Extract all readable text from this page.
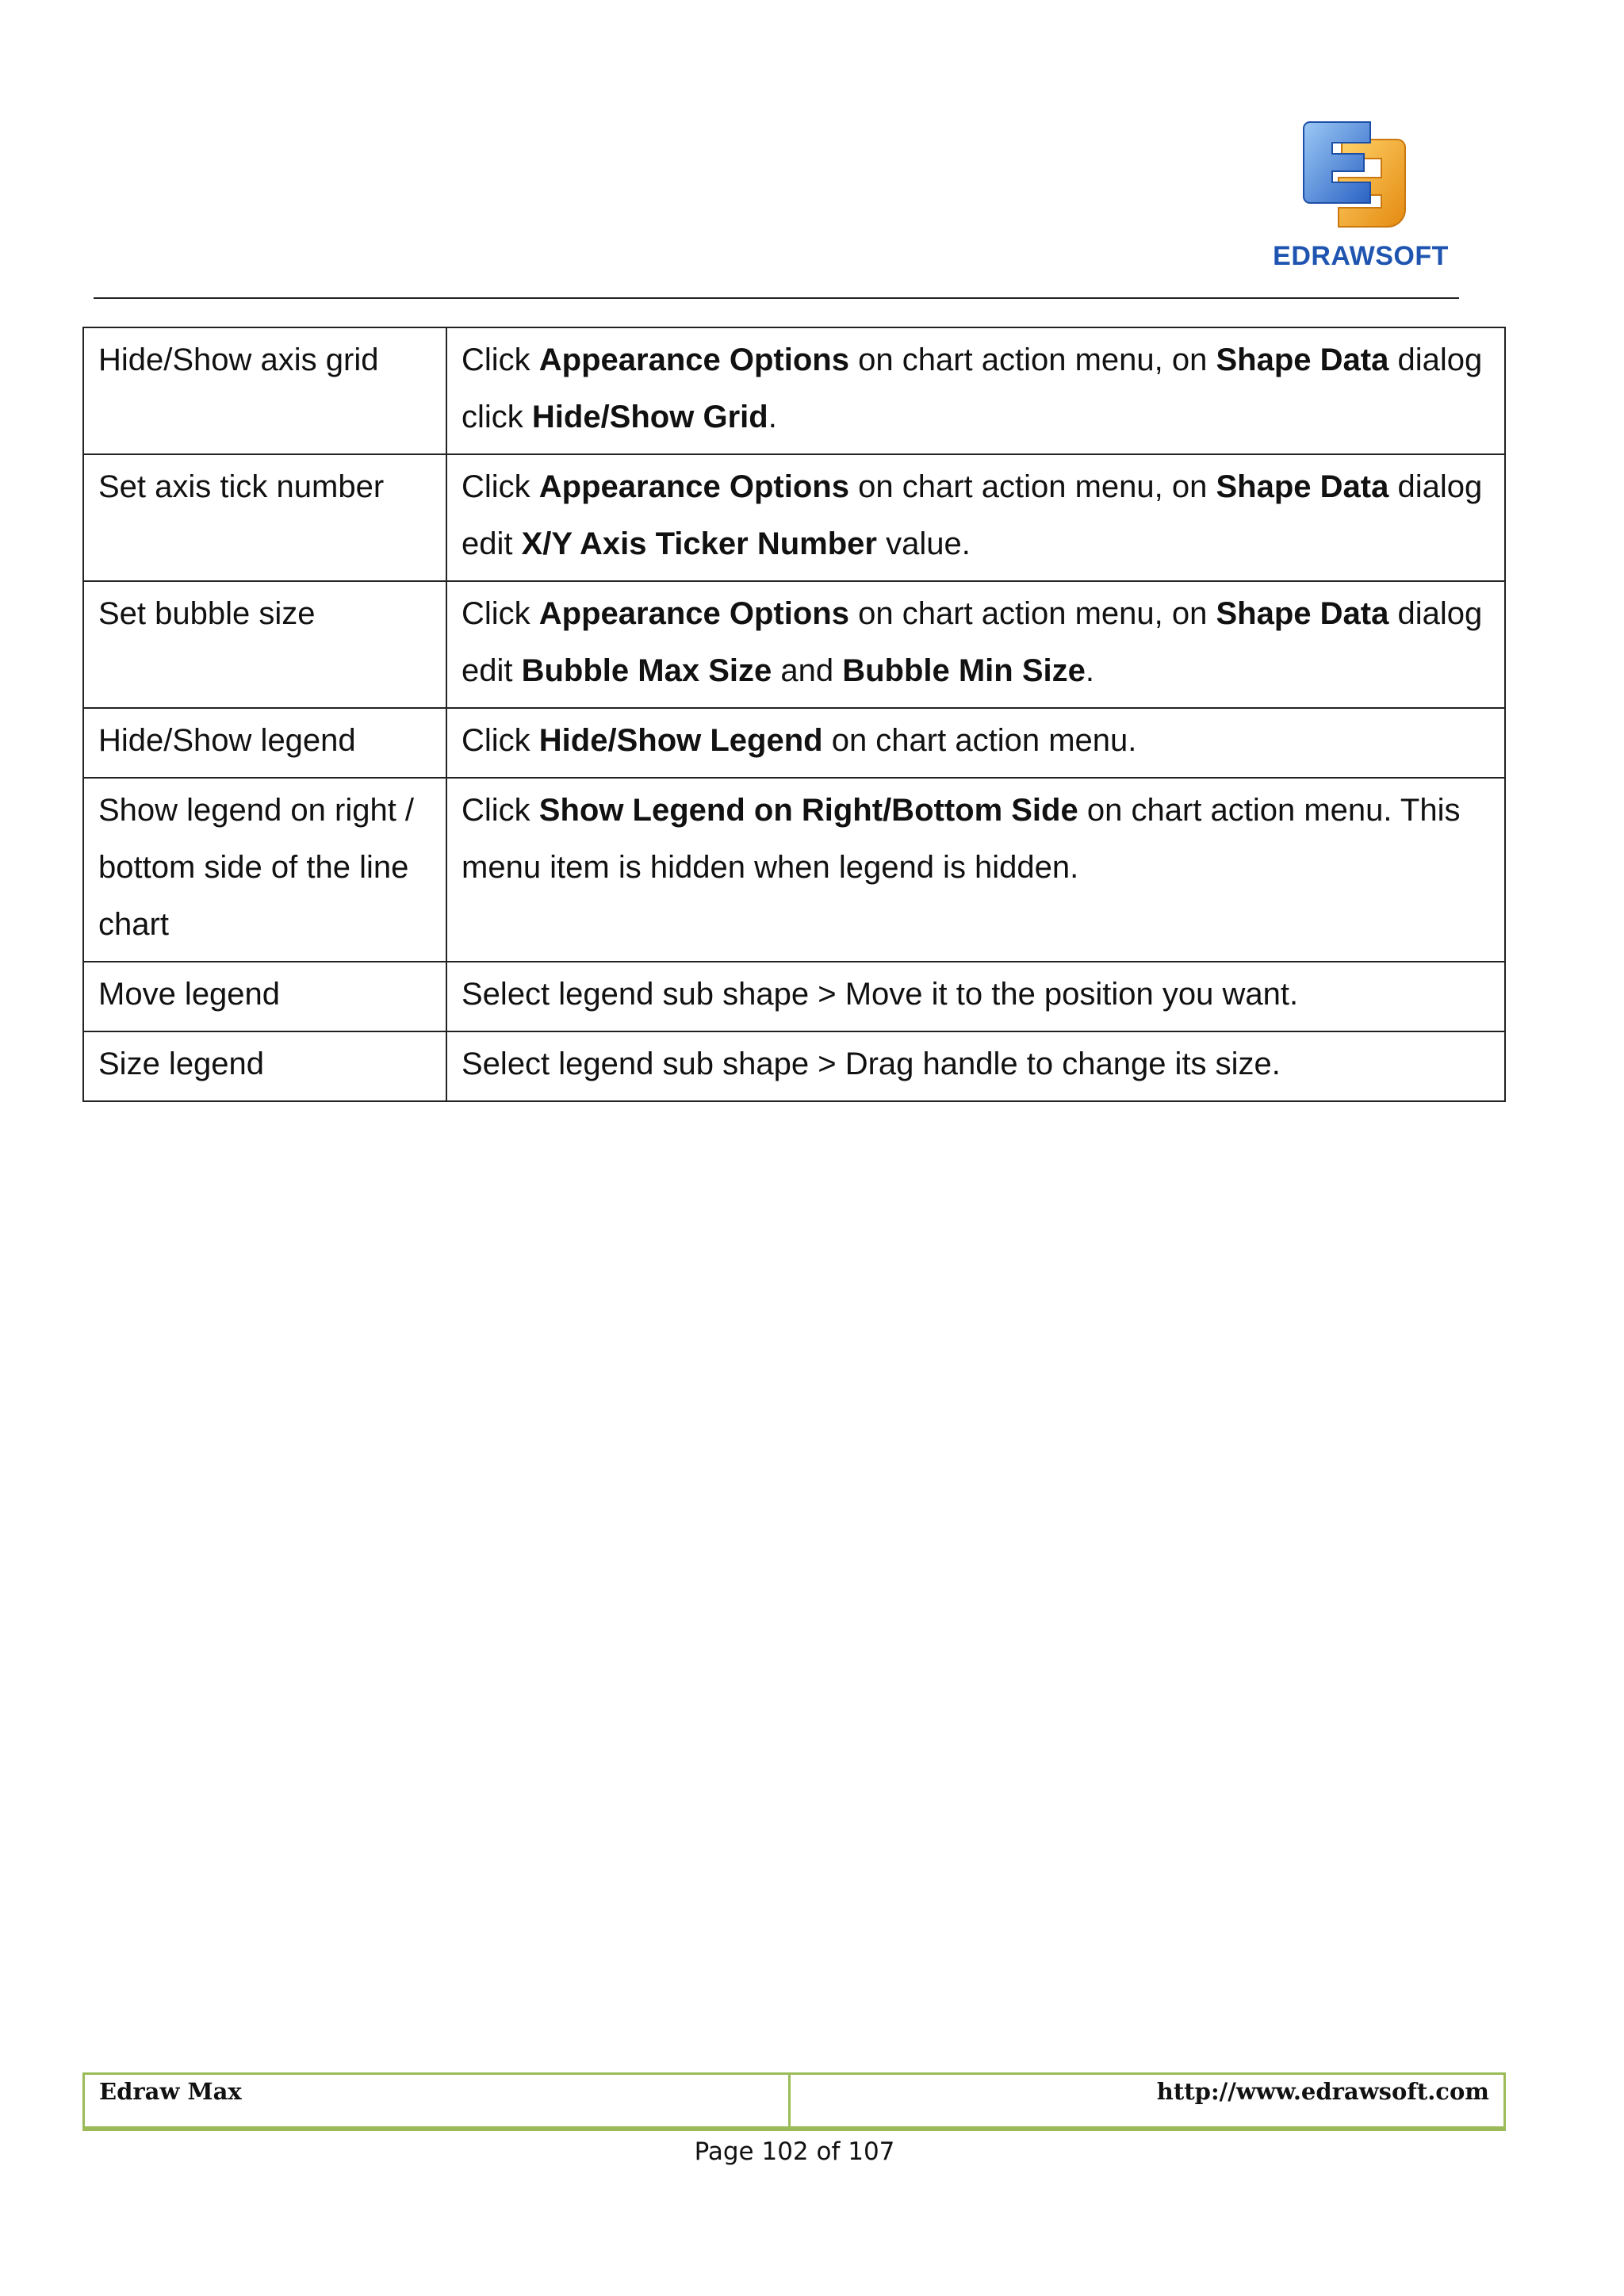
EDRAWSOFT
Hide/Show axis grid	Click Appearance Options on chart action menu, on Shape Data dialog click Hide/Show Grid.
Set axis tick number	Click Appearance Options on chart action menu, on Shape Data dialog edit X/Y Axis Ticker Number value.
Set bubble size	Click Appearance Options on chart action menu, on Shape Data dialog edit Bubble Max Size and Bubble Min Size.
Hide/Show legend	Click Hide/Show Legend on chart action menu.
Show legend on right / bottom side of the line chart	Click Show Legend on Right/Bottom Side on chart action menu. This menu item is hidden when legend is hidden.
Move legend	Select legend sub shape > Move it to the position you want.
Size legend	Select legend sub shape > Drag handle to change its size.
Edraw Max	http://www.edrawsoft.com
Page 102 of 107
